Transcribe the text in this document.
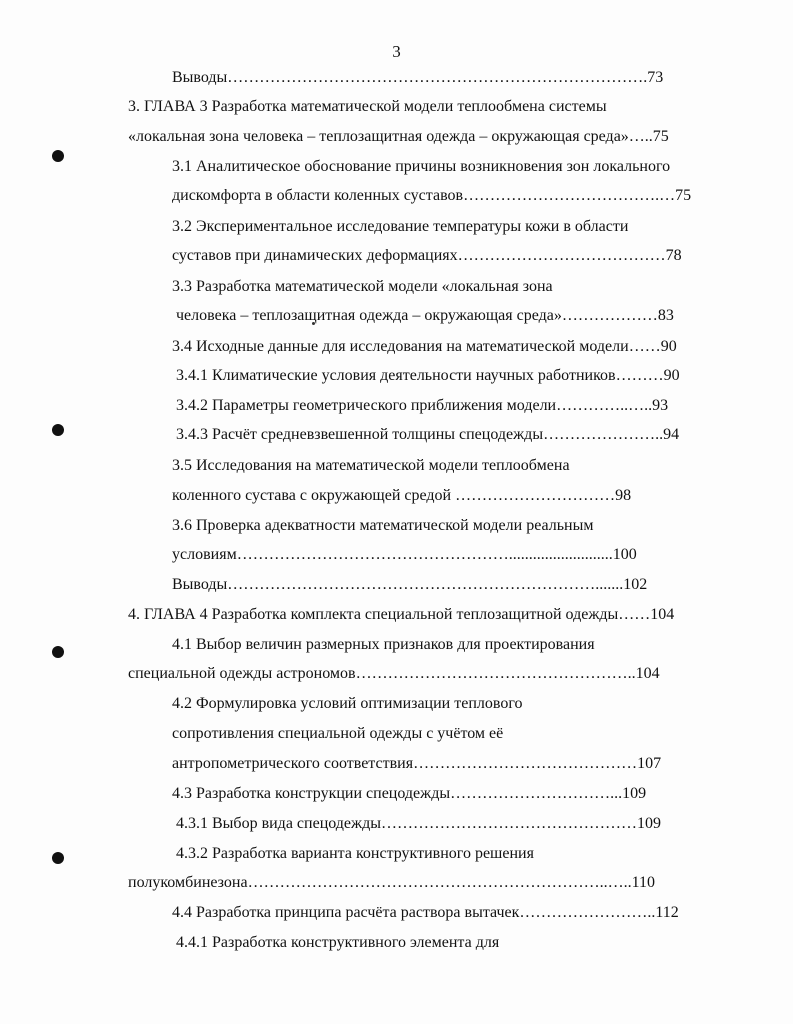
3
Выводы…………………………………………………………………….73
3. ГЛАВА 3 Разработка математической модели теплообмена системы
«локальная зона человека – теплозащитная одежда – окружающая среда»…..75
3.1 Аналитическое обоснование причины возникновения зон локального
дискомфорта в области коленных суставов……………………………….…75
3.2 Экспериментальное исследование температуры кожи в области
суставов при динамических деформациях…………………………………78
3.3 Разработка математической модели «локальная зона
человека – теплозащитная одежда – окружающая среда»………………83
3.4 Исходные данные для исследования на математической модели……90
3.4.1 Климатические условия деятельности научных работников………90
3.4.2 Параметры геометрического приближения модели…………..…..93
3.4.3 Расчёт средневзвешенной толщины спецодежды…………………..94
3.5 Исследования на математической модели теплообмена
коленного сустава с окружающей средой …………………………98
3.6 Проверка адекватности математической модели реальным
условиям……………………………………………..........................100
Выводы…………………………………………………………….......102
4. ГЛАВА 4 Разработка комплекта специальной теплозащитной одежды……104
4.1 Выбор величин размерных признаков для проектирования
специальной одежды астрономов……………………………………………..104
4.2 Формулировка условий оптимизации теплового
сопротивления специальной одежды с учётом её
антропометрического соответствия……………………………………107
4.3 Разработка конструкции спецодежды…………………………...109
4.3.1 Выбор вида спецодежды…………………………………………109
4.3.2 Разработка варианта конструктивного решения
полукомбинезона…………………………………………………………..…..110
4.4 Разработка принципа расчёта раствора вытачек……………………..112
4.4.1 Разработка конструктивного элемента для
